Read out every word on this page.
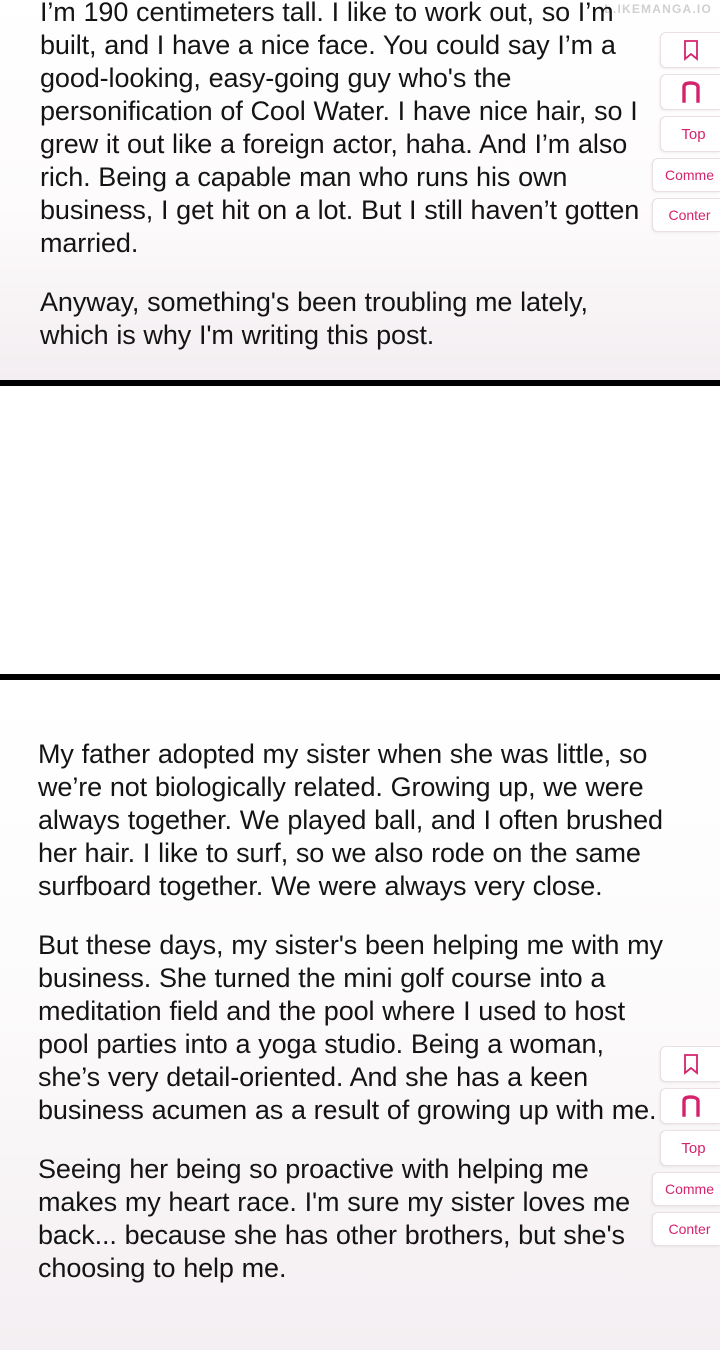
L.IKEMANGA.IO

I’m 190 centimeters tall. I like to work out, so I’m built, and I have a nice face. You could say I’m a good-looking, easy-going guy who's the personification of Cool Water. I have nice hair, so I grew it out like a foreign actor, haha. And I’m also rich. Being a capable man who runs his own business, I get hit on a lot. But I still haven’t gotten married.

Anyway, something's been troubling me lately, which is why I'm writing this post.

Top
Comme
Conter

My father adopted my sister when she was little, so we’re not biologically related. Growing up, we were always together. We played ball, and I often brushed her hair. I like to surf, so we also rode on the same surfboard together. We were always very close.

But these days, my sister's been helping me with my business. She turned the mini golf course into a meditation field and the pool where I used to host pool parties into a yoga studio. Being a woman, she’s very detail-oriented. And she has a keen business acumen as a result of growing up with me.

Seeing her being so proactive with helping me makes my heart race. I'm sure my sister loves me back... because she has other brothers, but she's choosing to help me.

Top
Comme
Conter
